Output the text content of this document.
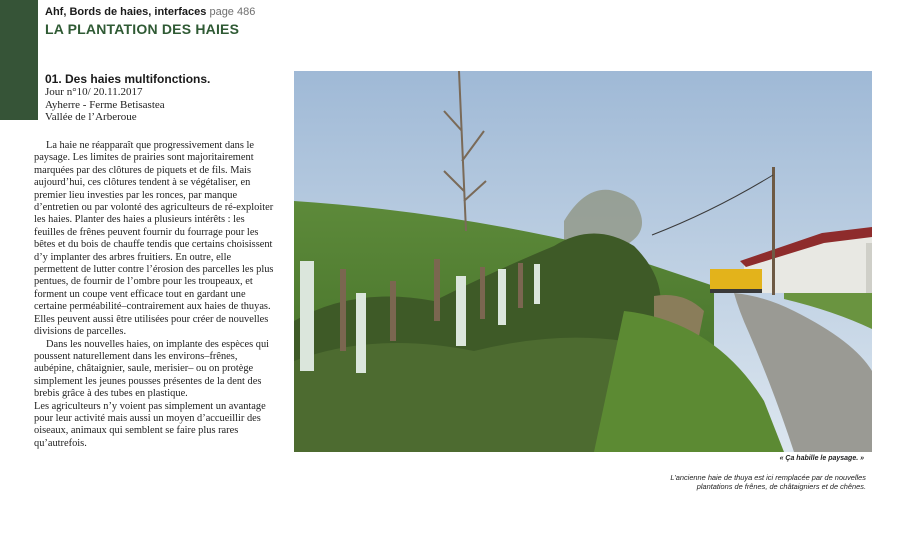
Ahf, Bords de haies, interfaces page 486
LA PLANTATION DES HAIES
01. Des haies multifonctions.
Jour n°10/ 20.11.2017
Ayherre - Ferme Betisastea
Vallée de l’Arberoue

La haie ne réapparaît que progressivement dans le paysage. Les limites de prairies sont majoritairement marquées par des clôtures de piquets et de fils. Mais aujourd’hui, ces clôtures tendent à se végétaliser, en premier lieu investies par les ronces, par manque d’entretien ou par volonté des agriculteurs de ré-exploiter les haies. Planter des haies a plusieurs intérêts : les feuilles de frênes peuvent fournir du fourrage pour les bêtes et du bois de chauffe tendis que certains choisissent d’y implanter des arbres fruitiers. En outre, elle permettent de lutter contre l’érosion des parcelles les plus pentues, de fournir de l’ombre pour les troupeaux, et forment un coupe vent efficace tout en gardant une certaine perméabilité–contrairement aux haies de thuyas.

Elles peuvent aussi être utilisées pour créer de nouvelles divisions de parcelles.

Dans les nouvelles haies, on implante des espèces qui poussent naturellement dans les environs–frênes, aubépine, châtaignier, saule, merisier– ou on protège simplement les jeunes pousses présentes de la dent des brebis grâce à des tubes en plastique.

Les agriculteurs n’y voient pas simplement un avantage pour leur activité mais aussi un moyen d’accueillir des oiseaux, animaux qui semblent se faire plus rares qu’autrefois.

« Ça habille le paysage. »
L’ancienne haie de thuya est ici remplacée par de nouvelles plantations de frênes, de châtaigniers et de chênes.
